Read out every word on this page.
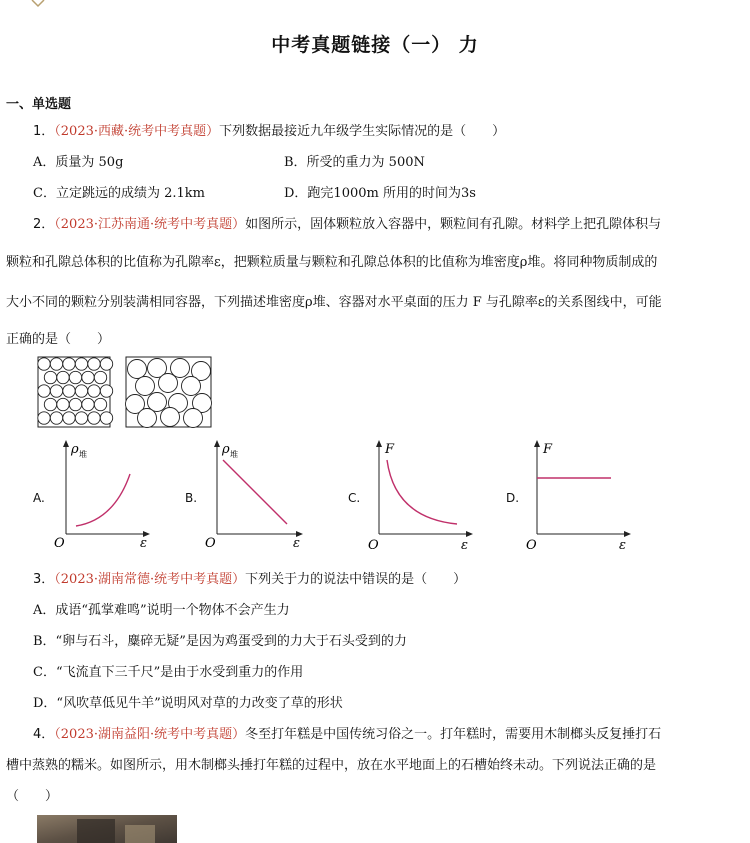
中考真题链接（一） 力
一、单选题
1．（2023·西藏·统考中考真题）下列数据最接近九年级学生实际情况的是（　　）
A．质量为 50g	B．所受的重力为 500N
C．立定跳远的成绩为 2.1km	D．跑完1000m 所用的时间为3s
2．（2023·江苏南通·统考中考真题）如图所示，固体颗粒放入容器中，颗粒间有孔隙。材料学上把孔隙体积与
颗粒和孔隙总体积的比值称为孔隙率ε，把颗粒质量与颗粒和孔隙总体积的比值称为堆密度ρ堆。将同种物质制成的
大小不同的颗粒分别装满相同容器，下列描述堆密度ρ堆、容器对水平桌面的压力 F 与孔隙率ε的关系图线中，可能
正确的是（　　）
A.
ρ 堆
O	ε
B.
ρ 堆
O	ε
C.
F
O	ε
D.
F
O	ε
3．（2023·湖南常德·统考中考真题）下列关于力的说法中错误的是（　　）
A．成语“孤掌难鸣”说明一个物体不会产生力
B．“卵与石斗，麋碎无疑”是因为鸡蛋受到的力大于石头受到的力
C．“飞流直下三千尺”是由于水受到重力的作用
D．“风吹草低见牛羊”说明风对草的力改变了草的形状
4．（2023·湖南益阳·统考中考真题）冬至打年糕是中国传统习俗之一。打年糕时，需要用木制榔头反复捶打石
槽中蒸熟的糯米。如图所示，用木制榔头捶打年糕的过程中，放在水平地面上的石槽始终未动。下列说法正确的是
（　　）
